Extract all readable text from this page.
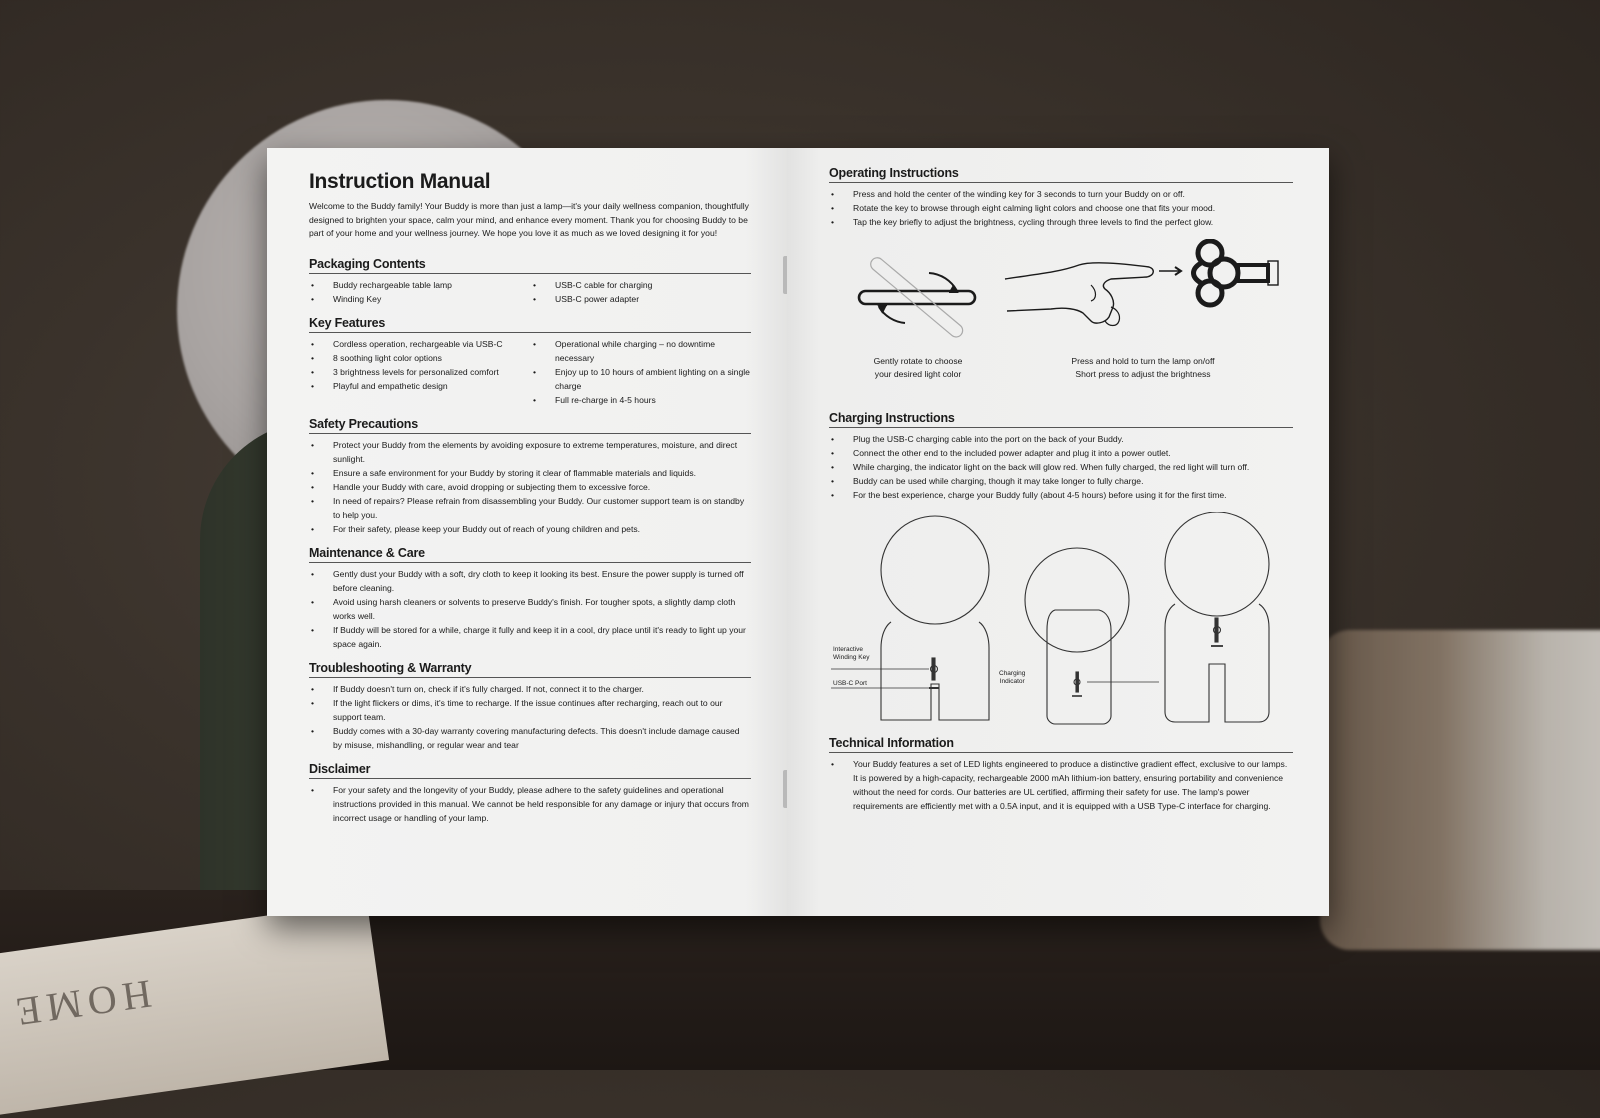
HOME
Instruction Manual

Welcome to the Buddy family! Your Buddy is more than just a lamp—it's your daily wellness companion, thoughtfully designed to brighten your space, calm your mind, and enhance every moment. Thank you for choosing Buddy to be part of your home and your wellness journey. We hope you love it as much as we loved designing it for you!

Packaging Contents
• Buddy rechargeable table lamp
• Winding Key
• USB-C cable for charging
• USB-C power adapter
Key Features
• Cordless operation, rechargeable via USB-C
• 8 soothing light color options
• 3 brightness levels for personalized comfort
• Playful and empathetic design
• Operational while charging – no downtime necessary
• Enjoy up to 10 hours of ambient lighting on a single charge
• Full re-charge in 4-5 hours
Safety Precautions
• Protect your Buddy from the elements by avoiding exposure to extreme temperatures, moisture, and direct sunlight.
• Ensure a safe environment for your Buddy by storing it clear of flammable materials and liquids.
• Handle your Buddy with care, avoid dropping or subjecting them to excessive force.
• In need of repairs? Please refrain from disassembling your Buddy. Our customer support team is on standby to help you.
• For their safety, please keep your Buddy out of reach of young children and pets.
Maintenance & Care
• Gently dust your Buddy with a soft, dry cloth to keep it looking its best. Ensure the power supply is turned off before cleaning.
• Avoid using harsh cleaners or solvents to preserve Buddy's finish. For tougher spots, a slightly damp cloth works well.
• If Buddy will be stored for a while, charge it fully and keep it in a cool, dry place until it's ready to light up your space again.
Troubleshooting & Warranty
• If Buddy doesn't turn on, check if it's fully charged. If not, connect it to the charger.
• If the light flickers or dims, it's time to recharge. If the issue continues after recharging, reach out to our support team.
• Buddy comes with a 30-day warranty covering manufacturing defects. This doesn't include damage caused by misuse, mishandling, or regular wear and tear
Disclaimer
• For your safety and the longevity of your Buddy, please adhere to the safety guidelines and operational instructions provided in this manual. We cannot be held responsible for any damage or injury that occurs from incorrect usage or handling of your lamp.
Operating Instructions
• Press and hold the center of the winding key for 3 seconds to turn your Buddy on or off.
• Rotate the key to browse through eight calming light colors and choose one that fits your mood.
• Tap the key briefly to adjust the brightness, cycling through three levels to find the perfect glow.
Gently rotate to choose
your desired light color
Press and hold to turn the lamp on/off
Short press to adjust the brightness
Charging Instructions
• Plug the USB-C charging cable into the port on the back of your Buddy.
• Connect the other end to the included power adapter and plug it into a power outlet.
• While charging, the indicator light on the back will glow red. When fully charged, the red light will turn off.
• Buddy can be used while charging, though it may take longer to fully charge.
• For the best experience, charge your Buddy fully (about 4-5 hours) before using it for the first time.
Interactive
Winding Key
USB-C Port
Charging
Indicator
Technical Information
• Your Buddy features a set of LED lights engineered to produce a distinctive gradient effect, exclusive to our lamps. It is powered by a high-capacity, rechargeable 2000 mAh lithium-ion battery, ensuring portability and convenience without the need for cords. Our batteries are UL certified, affirming their safety for use. The lamp's power requirements are efficiently met with a 0.5A input, and it is equipped with a USB Type-C interface for charging.
